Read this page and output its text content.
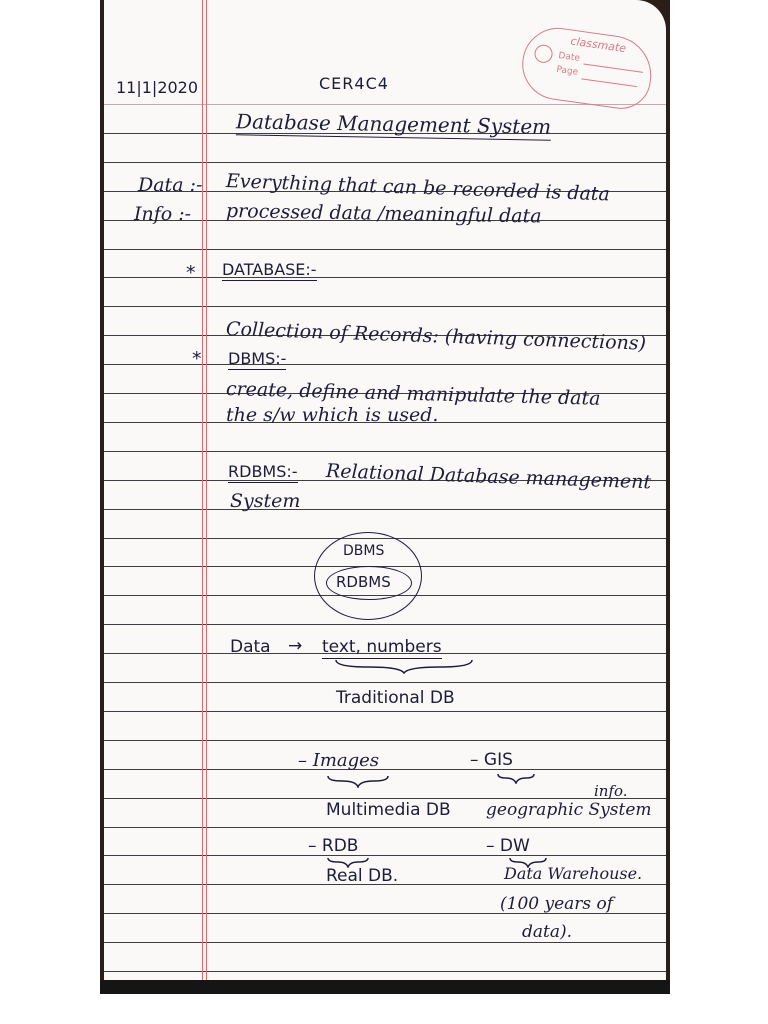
classmate
Date
Page
11|1|2020	CER4C4
Database Management System
Data :- Everything that can be recorded is data
Info :- processed data /meaningful data
* DATABASE:-
Collection of Records: (having connections)
* DBMS:-
create, define and manipulate the data
the s/w which is used.
RDBMS:- Relational Database management
System
DBMS
RDBMS
Data → text, numbers
Traditional DB
– Images
Multimedia DB
– GIS
info.
geographic System
– RDB
Real DB.
– DW
Data Warehouse.
(100 years of
data).
